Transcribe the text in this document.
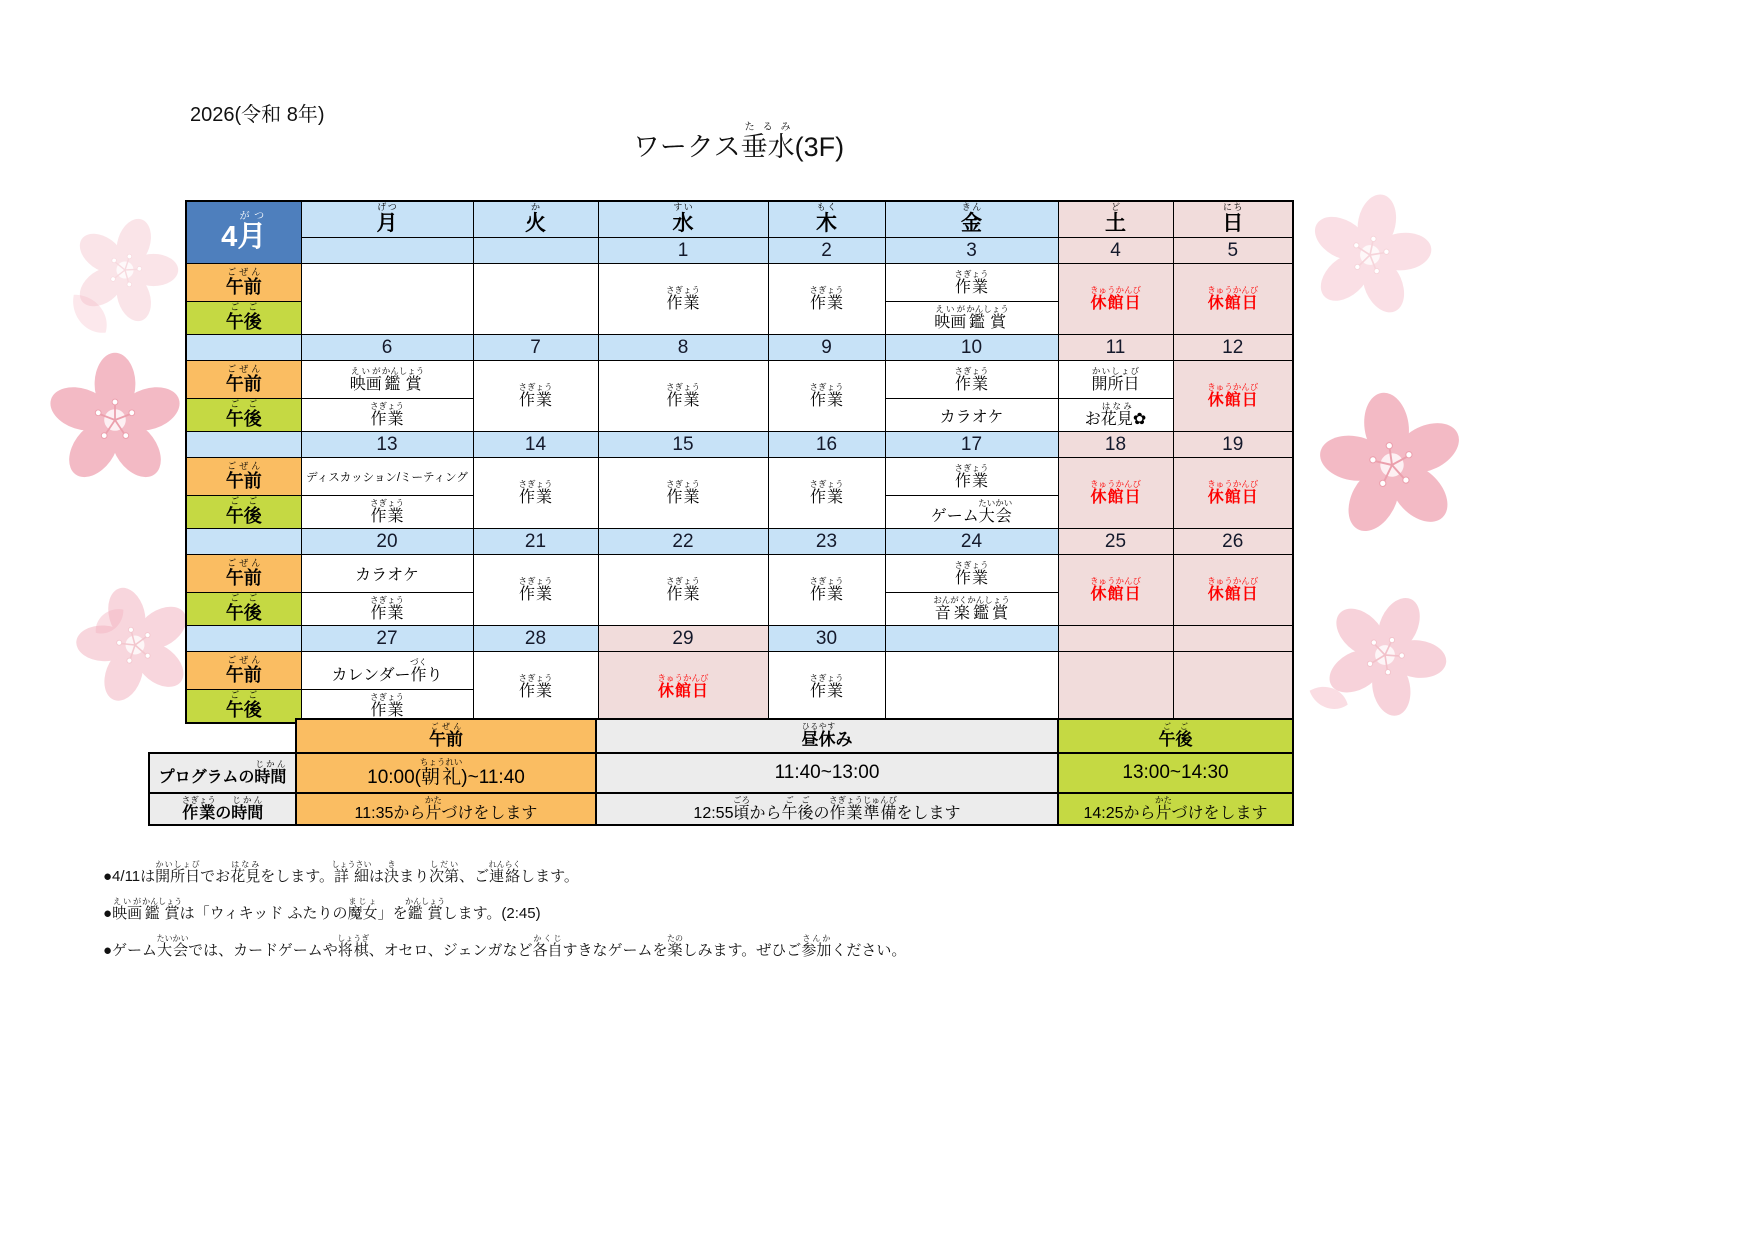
2026(令和 8年)
ワークス垂水たるみ(3F)
4月がつ	月げつ	火か	水すい	木もく	金きん	土ど	日にち
			1	2	3	4	5
午前ごぜん			作業さぎょう	作業さぎょう	作業さぎょう	休館日きゅうかんび	休館日きゅうかんび
午後ごご					映画えいが鑑賞かんしょう		
	6	7	8	9	10	11	12
午前ごぜん	映画えいが鑑賞かんしょう	作業さぎょう	作業さぎょう	作業さぎょう	作業さぎょう	開所日かいしょび	休館日きゅうかんび
午後ごご	作業さぎょう				カラオケ	お花見はなみ✿	
	13	14	15	16	17	18	19
午前ごぜん	ディスカッション/ミーティング	作業さぎょう	作業さぎょう	作業さぎょう	作業さぎょう	休館日きゅうかんび	休館日きゅうかんび
午後ごご	作業さぎょう				ゲーム大会たいかい		
	20	21	22	23	24	25	26
午前ごぜん	カラオケ	作業さぎょう	作業さぎょう	作業さぎょう	作業さぎょう	休館日きゅうかんび	休館日きゅうかんび
午後ごご	作業さぎょう				音楽鑑賞おんがくかんしょう		
	27	28	29	30			
午前ごぜん	カレンダー作づくり	作業さぎょう	休館日きゅうかんび	作業さぎょう						
午後ごご	作業さぎょう						
	午前ごぜん	昼休ひるやすみ	午後ごご
プログラムの時間じかん	10:00(朝礼ちょうれい)~11:40	11:40~13:00	13:00~14:30
作業さぎょうの時間じかん	11:35から片かたづけをします	12:55頃ごろから午後ごごの作業準備さぎょうじゅんびをします	14:25から片かたづけをします
●4/11は開所日かいしょびでお花見はなみをします。詳細しょうさいは決きまり次第しだい、ご連絡れんらくします。
●映画えいが鑑賞かんしょうは「ウィキッド ふたりの魔女まじょ」を鑑賞かんしょうします。(2:45)
●ゲーム大会たいかいでは、カードゲームや将棋しょうぎ、オセロ、ジェンガなど各自かくじすきなゲームを楽たのしみます。ぜひご参加さんかください。
